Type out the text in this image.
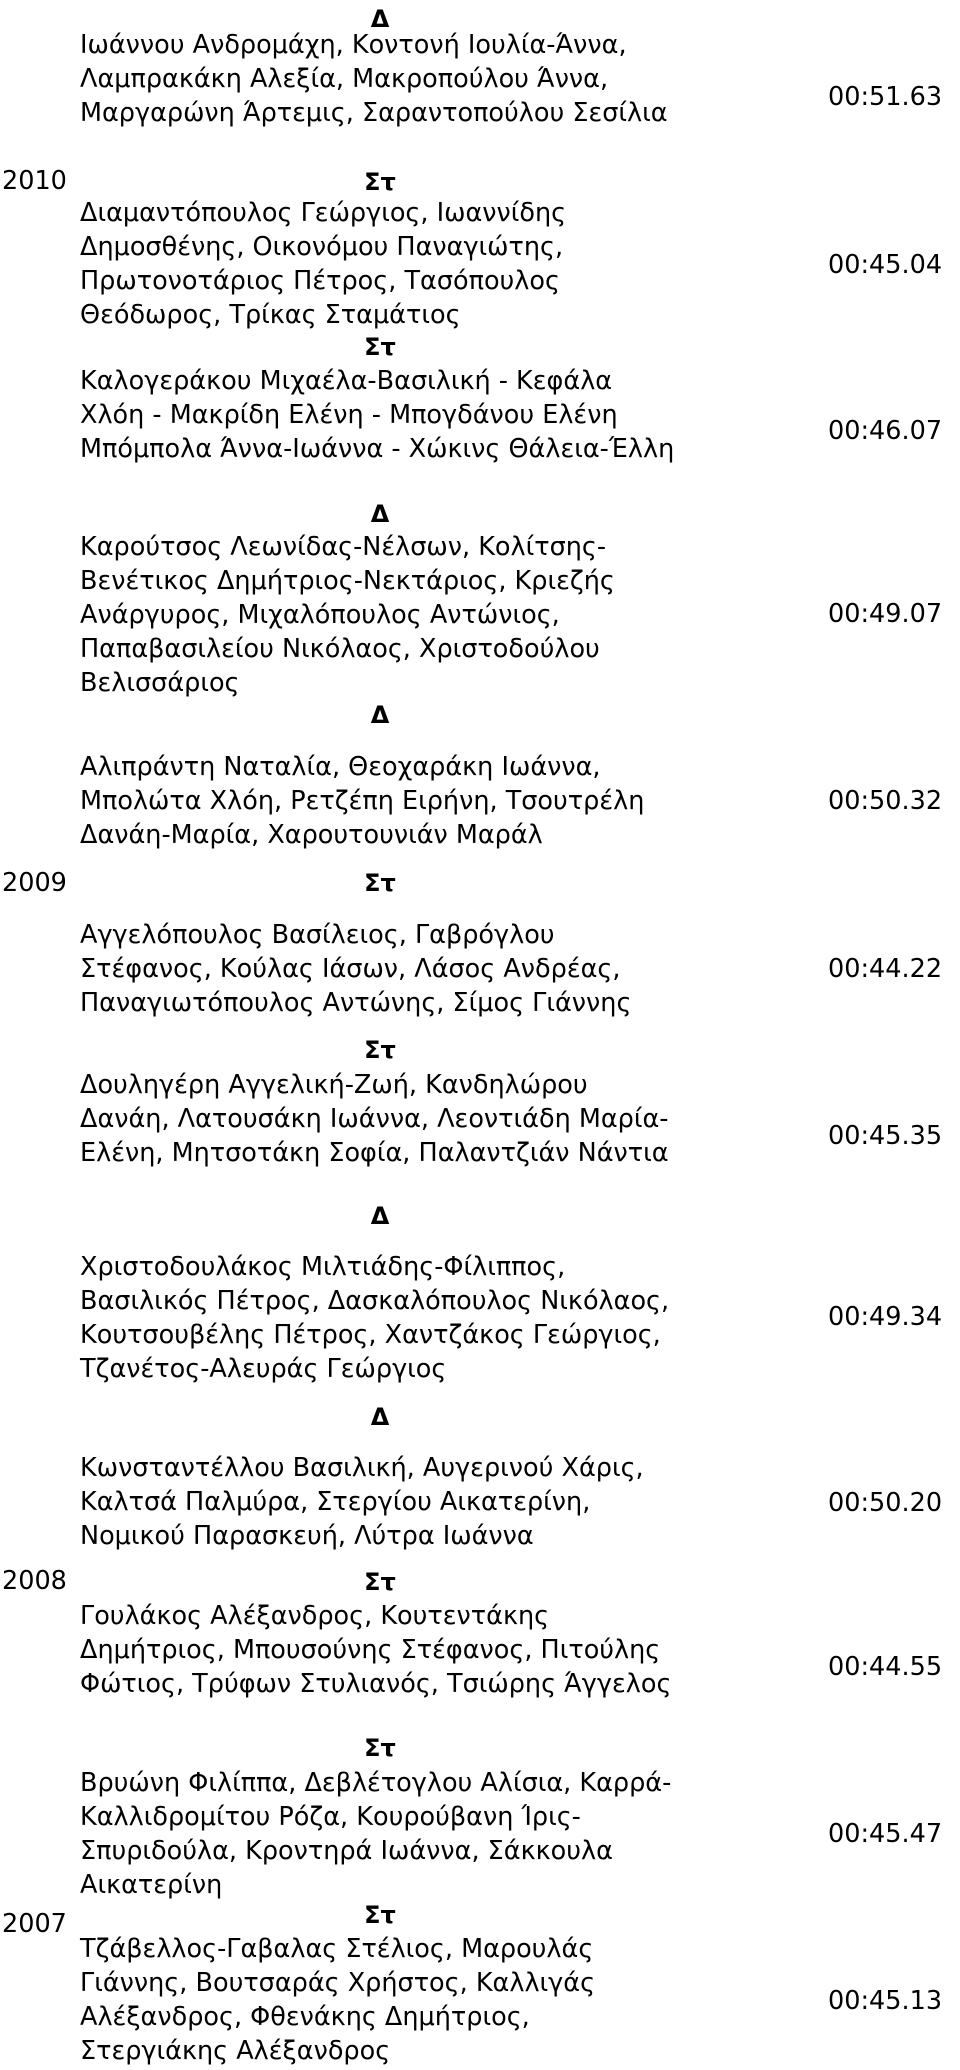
2010
2009
2008
2007
Δ
Ιωάννου Ανδρομάχη, Κοντονή Ιουλία-Άννα, Λαμπρακάκη Αλεξία, Μακροπούλου Άννα, Μαργαρώνη Άρτεμις, Σαραντοπούλου Σεσίλια
00:51.63
Στ
Διαμαντόπουλος Γεώργιος, Ιωαννίδης Δημοσθένης, Οικονόμου Παναγιώτης, Πρωτονοτάριος Πέτρος, Τασόπουλος Θεόδωρος, Τρίκας Σταμάτιος
00:45.04
Στ
Καλογεράκου Μιχαέλα-Βασιλική - Κεφάλα Χλόη - Μακρίδη Ελένη - Μπογδάνου Ελένη Μπόμπολα Άννα-Ιωάννα - Χώκινς Θάλεια-Έλλη
00:46.07
Δ
Καρούτσος Λεωνίδας-Νέλσων, Κολίτσης-Βενέτικος Δημήτριος-Νεκτάριος, Κριεζής Ανάργυρος, Μιχαλόπουλος Αντώνιος, Παπαβασιλείου Νικόλαος, Χριστοδούλου Βελισσάριος
00:49.07
Δ
Αλιπράντη Ναταλία, Θεοχαράκη Ιωάννα, Μπολώτα Χλόη, Ρετζέπη Ειρήνη, Τσουτρέλη Δανάη-Μαρία, Χαρουτουνιάν Μαράλ
00:50.32
Στ
Αγγελόπουλος Βασίλειος, Γαβρόγλου Στέφανος, Κούλας Ιάσων, Λάσος Ανδρέας, Παναγιωτόπουλος Αντώνης, Σίμος Γιάννης
00:44.22
Στ
Δουληγέρη Αγγελική-Ζωή, Κανδηλώρου Δανάη, Λατουσάκη Ιωάννα, Λεοντιάδη Μαρία-Ελένη, Μητσοτάκη Σοφία, Παλαντζιάν Νάντια
00:45.35
Δ
Χριστοδουλάκος Μιλτιάδης-Φίλιππος, Βασιλικός Πέτρος, Δασκαλόπουλος Νικόλαος, Κουτσουβέλης Πέτρος, Χαντζάκος Γεώργιος, Τζανέτος-Αλευράς Γεώργιος
00:49.34
Δ
Κωνσταντέλλου Βασιλική, Αυγερινού Χάρις, Καλτσά Παλμύρα, Στεργίου Αικατερίνη, Νομικού Παρασκευή, Λύτρα Ιωάννα
00:50.20
Στ
Γουλάκος Αλέξανδρος, Κουτεντάκης Δημήτριος, Μπουσούνης Στέφανος, Πιτούλης Φώτιος, Τρύφων Στυλιανός, Τσιώρης Άγγελος
00:44.55
Στ
Βρυώνη Φιλίππα, Δεβλέτογλου Αλίσια, Καρρά-Καλλιδρομίτου Ρόζα, Κουρούβανη Ίρις-Σπυριδούλα, Κροντηρά Ιωάννα, Σάκκουλα Αικατερίνη
00:45.47
Στ
Τζάβελλος-Γαβαλας Στέλιος, Μαρουλάς Γιάννης, Βουτσαράς Χρήστος, Καλλιγάς Αλέξανδρος, Φθενάκης Δημήτριος, Στεργιάκης Αλέξανδρος
00:45.13
